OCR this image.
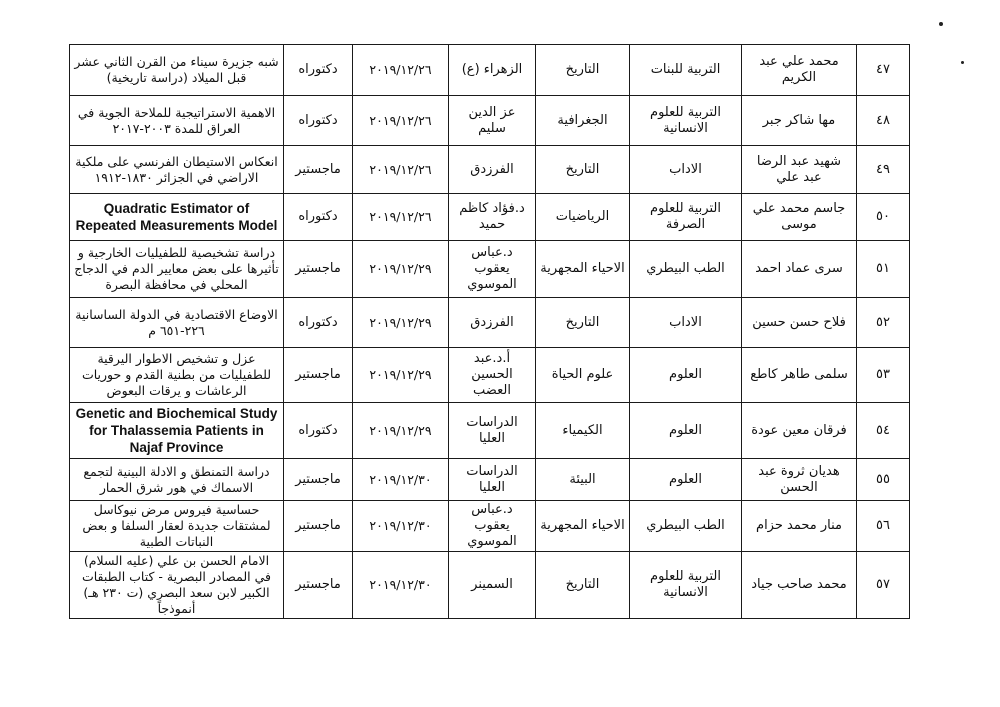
٤٧	محمد علي عبد الكريم	التربية للبنات	التاريخ	الزهراء (ع)	٢٠١٩/١٢/٢٦	دكتوراه	شبه جزيرة سيناء من القرن الثاني عشر قبل الميلاد (دراسة تاريخية)
٤٨	مها شاكر جبر	التربية للعلوم الانسانية	الجغرافية	عز الدين سليم	٢٠١٩/١٢/٢٦	دكتوراه	الاهمية الاستراتيجية للملاحة الجوية في العراق للمدة ٢٠٠٣-٢٠١٧
٤٩	شهيد عبد الرضا عبد علي	الاداب	التاريخ	الفرزدق	٢٠١٩/١٢/٢٦	ماجستير	انعكاس الاستيطان الفرنسي على ملكية الاراضي في الجزائر ١٨٣٠-١٩١٢
٥٠	جاسم محمد علي موسى	التربية للعلوم الصرفة	الرياضيات	د.فؤاد كاظم حميد	٢٠١٩/١٢/٢٦	دكتوراه	Quadratic Estimator of Repeated Measurements Model
٥١	سرى عماد احمد	الطب البيطري	الاحياء المجهرية	د.عباس يعقوب الموسوي	٢٠١٩/١٢/٢٩	ماجستير	دراسة تشخيصية للطفيليات الخارجية و تأثيرها على بعض معايير الدم في الدجاج المحلي في محافظة البصرة
٥٢	فلاح حسن حسين	الاداب	التاريخ	الفرزدق	٢٠١٩/١٢/٢٩	دكتوراه	الاوضاع الاقتصادية في الدولة الساسانية ٢٢٦-٦٥١ م
٥٣	سلمى طاهر كاطع	العلوم	علوم الحياة	أ.د.عبد الحسين العضب	٢٠١٩/١٢/٢٩	ماجستير	عزل و تشخيص الاطوار اليرقية للطفيليات من بطنية القدم و حوريات الرعاشات و يرقات البعوض
٥٤	فرقان معين عودة	العلوم	الكيمياء	الدراسات العليا	٢٠١٩/١٢/٢٩	دكتوراه	Genetic and Biochemical Study for Thalassemia Patients in Najaf Province
٥٥	هديان ثروة عبد الحسن	العلوم	البيئة	الدراسات العليا	٢٠١٩/١٢/٣٠	ماجستير	دراسة التمنطق و الادلة البينية لتجمع الاسماك في هور شرق الحمار
٥٦	منار محمد حزام	الطب البيطري	الاحياء المجهرية	د.عباس يعقوب الموسوي	٢٠١٩/١٢/٣٠	ماجستير	حساسية فيروس مرض نيوكاسل لمشتقات جديدة لعقار السلفا و بعض النباتات الطبية
٥٧	محمد صاحب جياد	التربية للعلوم الانسانية	التاريخ	السمينر	٢٠١٩/١٢/٣٠	ماجستير	الامام الحسن بن علي (عليه السلام) في المصادر البصرية - كتاب الطبقات الكبير لابن سعد البصري (ت ٢٣٠ هـ) أنموذجاً
